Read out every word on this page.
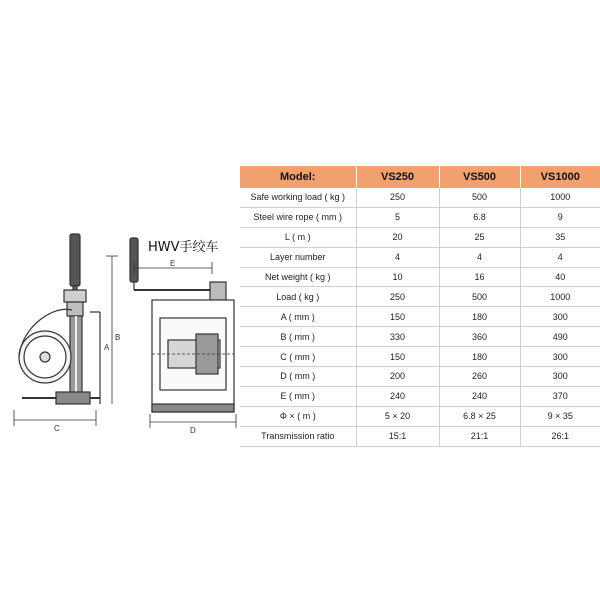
C
B
A
D
E
HWV手绞车
Model:	VS250	VS500	VS1000
Safe working load ( kg )	250	500	1000
Steel wire rope ( mm )	5	6.8	9
L ( m )	20	25	35
Layer number	4	4	4
Net weight ( kg )	10	16	40
Load ( kg )	250	500	1000
A ( mm )	150	180	300
B ( mm )	330	360	490
C ( mm )	150	180	300
D ( mm )	200	260	300
E ( mm )	240	240	370
Φ × ( m )	5 × 20	6.8 × 25	9 × 35
Transmission ratio	15:1	21:1	26:1
